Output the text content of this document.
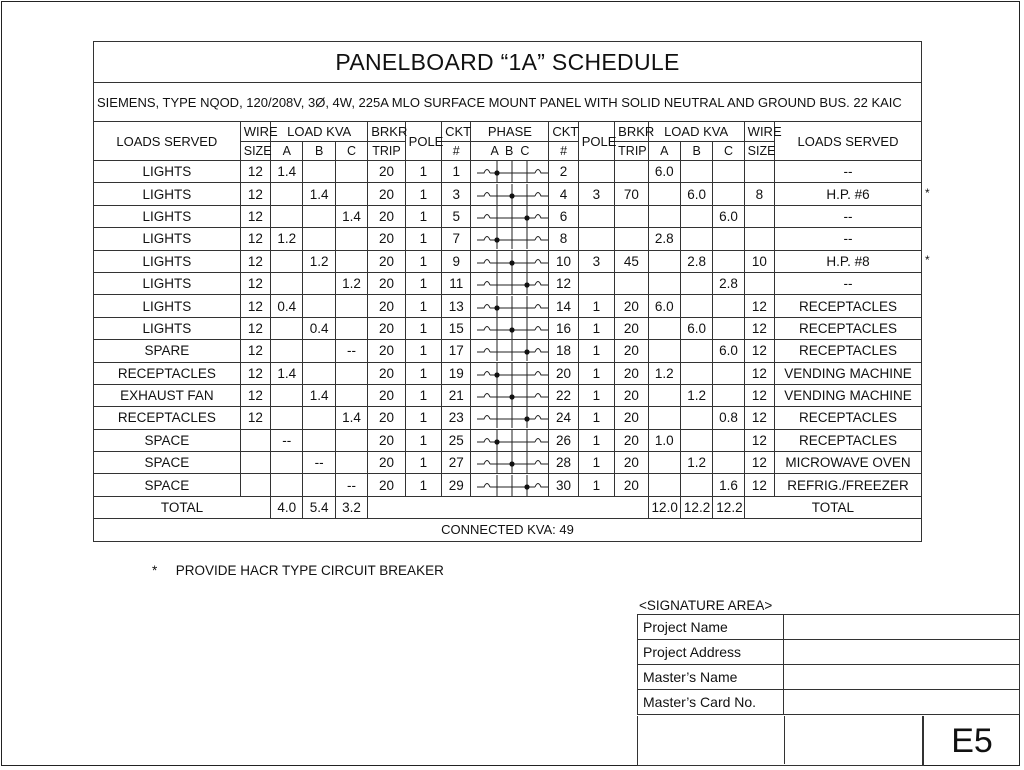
PANELBOARD “1A” SCHEDULE																
SIEMENS, TYPE NQOD, 120/208V, 3Ø, 4W, 225A MLO SURFACE MOUNT PANEL WITH SOLID NEUTRAL AND GROUND BUS. 22 KAIC																
LOADS SERVED	WIRE	LOAD KVA			BRKR	POLE	CKT	PHASE	CKT	POLE	BRKR	LOAD KVA			WIRE	LOADS SERVED
	SIZE	A	B	C	TRIP		#	A  B  C	#		TRIP	A	B	C	SIZE	
LIGHTS	12	1.4			20	1	1		2			6.0				--
LIGHTS	12		1.4		20	1	3		4	3	70		6.0		8	H.P. #6
LIGHTS	12			1.4	20	1	5		6					6.0		--
LIGHTS	12	1.2			20	1	7		8			2.8				--
LIGHTS	12		1.2		20	1	9		10	3	45		2.8		10	H.P. #8
LIGHTS	12			1.2	20	1	11		12					2.8		--
LIGHTS	12	0.4			20	1	13		14	1	20	6.0			12	RECEPTACLES
LIGHTS	12		0.4		20	1	15		16	1	20		6.0		12	RECEPTACLES
SPARE	12			--	20	1	17		18	1	20			6.0	12	RECEPTACLES
RECEPTACLES	12	1.4			20	1	19		20	1	20	1.2			12	VENDING MACHINE
EXHAUST FAN	12		1.4		20	1	21		22	1	20		1.2		12	VENDING MACHINE
RECEPTACLES	12			1.4	20	1	23		24	1	20			0.8	12	RECEPTACLES
SPACE		--			20	1	25		26	1	20	1.0			12	RECEPTACLES
SPACE			--		20	1	27		28	1	20		1.2		12	MICROWAVE OVEN
SPACE				--	20	1	29		30	1	20			1.6	12	REFRIG./FREEZER
TOTAL		4.0	5.4	3.2								12.0	12.2	12.2	TOTAL	
CONNECTED KVA: 49																
* PROVIDE HACR TYPE CIRCUIT BREAKER
<SIGNATURE AREA>
Project Name	
Project Address	
Master’s Name	
Master’s Card No.	
E5
*
*
